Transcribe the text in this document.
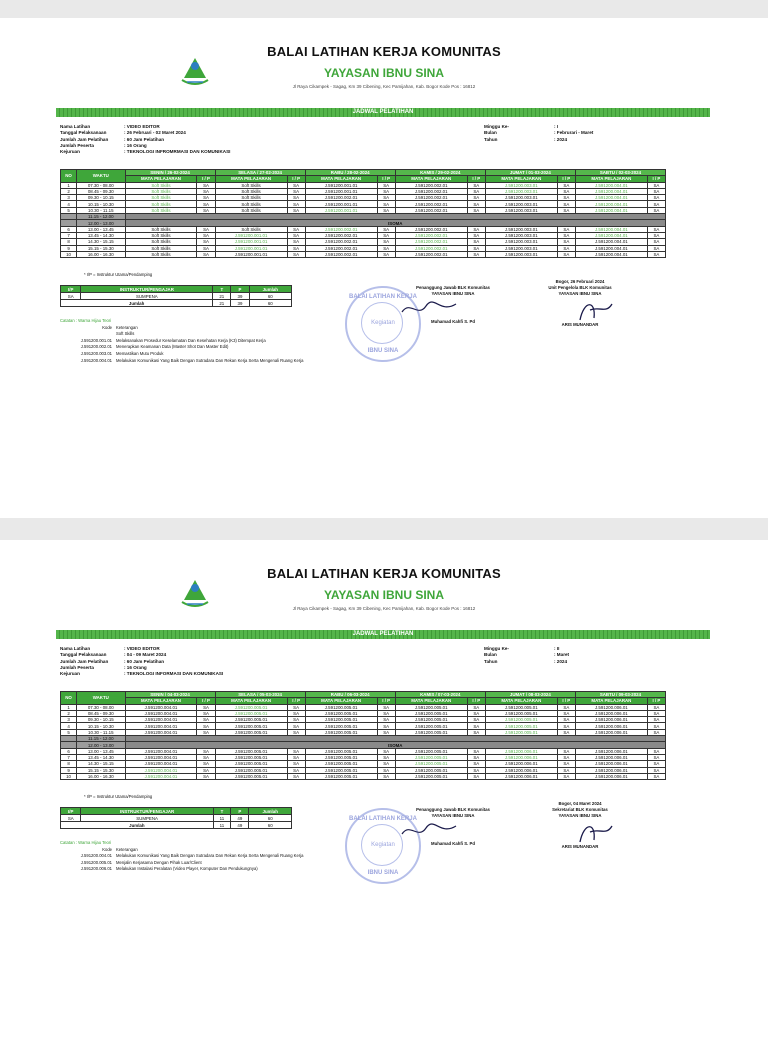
BALAI LATIHAN KERJA KOMUNITAS
YAYASAN IBNU SINA
Jl Raya Cikampek - Sagag, Km 39 Cibening, Kec Pamijahan, Kab. Bogor Kode Pos : 16812
JADWAL PELATIHAN
Nama Latihan	: VIDEO EDITOR
Tanggal Pelaksanaan	: 26 Februari - 02 Maret 2024
Jumlah Jam Pelatihan	: 60 Jam Pelatihan
Jumlah Peserta	: 16 Orang
Kejuruan	: TEKNOLOGI INFROMRMASI DAN KOMUNIKASI
Minggu Ke-	: I
Bulan	: Februrari - Maret
Tahun	: 2024
NO	WAKTU	SENIN / 26-02-2024		SELASA / 27-02-2024		RABU / 28-02-2024		KAMIS / 29-02-2024		JUMAT / 01-03-2024		SABTU / 02-03-2024	
		MATA PELAJARAN	I / P	MATA PELAJARAN	I / P	MATA PELAJARAN	I / P	MATA PELAJARAN	I / P	MATA PELAJARAN	I / P	MATA PELAJARAN	I / P
1	07.30 - 08.00	Soft Skills	SA	Soft Skills	SA	J.591200.001.01	SA	J.591200.002.01	SA	J.591200.003.01	SA	J.591200.004.01	SA
2	08.45 - 09.30	Soft Skills	SA	Soft Skills	SA	J.591200.001.01	SA	J.591200.002.01	SA	J.591200.003.01	SA	J.591200.004.01	SA
3	09.30 - 10.15	Soft Skills	SA	Soft Skills	SA	J.591200.002.01	SA	J.591200.002.01	SA	J.591200.003.01	SA	J.591200.004.01	SA
4	10.15 - 10.30	Soft Skills	SA	Soft Skills	SA	J.591200.001.01	SA	J.591200.002.01	SA	J.591200.003.01	SA	J.591200.004.01	SA
5	10.30 - 11.15	Soft Skills	SA	Soft Skills	SA	J.591200.001.01	SA	J.591200.002.01	SA	J.591200.003.01	SA	J.591200.004.01	SA
	11.15 - 12.00												
	12.00 - 13.00	ISOMA											
6	13.00 - 13.45	Soft Skills	SA	Soft Skills	SA	J.591200.002.01	SA	J.591200.002.01	SA	J.591200.003.01	SA	J.591200.004.01	SA
7	13.45 - 14.30	Soft Skills	SA	J.591200.001.01	SA	J.591200.002.01	SA	J.591200.002.01	SA	J.591200.003.01	SA	J.591200.004.01	SA
8	14.30 - 15.15	Soft Skills	SA	J.591200.001.01	SA	J.591200.002.01	SA	J.591200.002.01	SA	J.591200.003.01	SA	J.591200.004.01	SA
9	15.15 - 15.30	Soft Skills	SA	J.591200.001.01	SA	J.591200.002.01	SA	J.591200.002.01	SA	J.591200.003.01	SA	J.591200.004.01	SA
10	16.00 - 16.30	Soft Skills	SA	J.591200.001.01	SA	J.591200.002.01	SA	J.591200.002.01	SA	J.591200.003.01	SA	J.591200.004.01	SA
* I/P = Instruktur Utama/Pendamping
I/P	INSTRUKTUR/PENGAJAR	T	P	Jumlah
SA	SUMPENA	21	39	60
Jumlah		21	39	60
Catatan : Warna Hijau Teori
Kode Keterangan
Soft Skills
J.591200.001.01 Melaksanakan Prosedur Keselamatan Dan Kesehatan Kerja (K3) Ditempat Kerja
J.591200.002.01 Menerapkan Keamanan Data (Master Shot Dan Master Edit)
J.591200.003.01 Memastikan Mutu Produk
J.591200.004.01 Melakukan Komunikasi Yang Baik Dengan Sutradara Dan Rekan Kerja Serta Mengenali Ruang Kerja
BALAI LATIHAN KERJA
Kegiatan
IBNU SINA
Penanggung Jawab BLK Komunitas
YAYASAN IBNU SINA
Muhamad Kahfi S. Pd
Bogor, 26 Februari 2024
Unit Pengelola BLK Komunitas
YAYASAN IBNU SINA
ARIS MUNANDAR
BALAI LATIHAN KERJA KOMUNITAS
YAYASAN IBNU SINA
Jl Raya Cikampek - Sagag, Km 39 Cibening, Kec Pamijahan, Kab. Bogor Kode Pos : 16812
JADWAL PELATIHAN
Nama Latihan	: VIDEO EDITOR
Tanggal Pelaksanaan	: 04 - 09 Maret 2024
Jumlah Jam Pelatihan	: 60 Jam Pelatihan
Jumlah Peserta	: 16 Orang
Kejuruan	: TEKNOLOGI INFORMASI DAN KOMUNIKASI
Minggu Ke-	: II
Bulan	: Maret
Tahun	: 2024
NO	WAKTU	SENIN / 04-03-2024		SELASA / 05-03-2024		RABU / 06-03-2024		KAMIS / 07-03-2024		JUMAT / 08-03-2024		SABTU / 09-03-2024	
		MATA PELAJARAN	I / P	MATA PELAJARAN	I / P	MATA PELAJARAN	I / P	MATA PELAJARAN	I / P	MATA PELAJARAN	I / P	MATA PELAJARAN	I / P
1	07.30 - 08.00	J.591200.004.01	SA	J.591200.005.01	SA	J.591200.005.01	SA	J.591200.005.01	SA	J.591200.005.01	SA	J.591200.006.01	SA
2	08.45 - 09.30	J.591200.004.01	SA	J.591200.005.01	SA	J.591200.005.01	SA	J.591200.005.01	SA	J.591200.005.01	SA	J.591200.006.01	SA
3	09.30 - 10.15	J.591200.004.01	SA	J.591200.005.01	SA	J.591200.005.01	SA	J.591200.005.01	SA	J.591200.005.01	SA	J.591200.006.01	SA
4	10.15 - 10.30	J.591200.004.01	SA	J.591200.005.01	SA	J.591200.005.01	SA	J.591200.005.01	SA	J.591200.005.01	SA	J.591200.006.01	SA
5	10.30 - 11.15	J.591200.004.01	SA	J.591200.005.01	SA	J.591200.005.01	SA	J.591200.005.01	SA	J.591200.005.01	SA	J.591200.006.01	SA
	11.15 - 12.00												
	12.00 - 13.00	ISOMA											
6	13.00 - 13.45	J.591200.004.01	SA	J.591200.005.01	SA	J.591200.005.01	SA	J.591200.005.01	SA	J.591200.006.01	SA	J.591200.006.01	SA
7	13.45 - 14.30	J.591200.004.01	SA	J.591200.005.01	SA	J.591200.005.01	SA	J.591200.005.01	SA	J.591200.006.01	SA	J.591200.006.01	SA
8	14.30 - 15.15	J.591200.004.01	SA	J.591200.005.01	SA	J.591200.005.01	SA	J.591200.005.01	SA	J.591200.006.01	SA	J.591200.006.01	SA
9	15.15 - 15.30	J.591200.004.01	SA	J.591200.005.01	SA	J.591200.005.01	SA	J.591200.005.01	SA	J.591200.006.01	SA	J.591200.006.01	SA
10	16.00 - 16.30	J.591200.004.01	SA	J.591200.005.01	SA	J.591200.005.01	SA	J.591200.005.01	SA	J.591200.006.01	SA	J.591200.006.01	SA
* I/P = Instruktur Utama/Pendamping
I/P	INSTRUKTUR/PENGAJAR	T	P	Jumlah
SA	SUMPENA	11	49	60
Jumlah		11	49	60
Catatan : Warna Hijau Teori
Kode Keterangan
J.591200.004.01 Melakukan Komunikasi Yang Baik Dengan Sutradara Dan Rekan Kerja Serta Mengenali Ruang Kerja
J.591200.005.01 Menjalin Kerjasama Dengan Pihak Luar/Client
J.591200.006.01 Melakukan Instalasi Peralatan (Video Player, Komputer Dan Pendukungnya)
BALAI LATIHAN KERJA
Kegiatan
IBNU SINA
Penanggung Jawab BLK Komunitas
YAYASAN IBNU SINA
Muhamad Kahfi S. Pd
Bogor, 04 Maret 2024
Sekretariat BLK Komunitas
YAYASAN IBNU SINA
ARIS MUNANDAR
